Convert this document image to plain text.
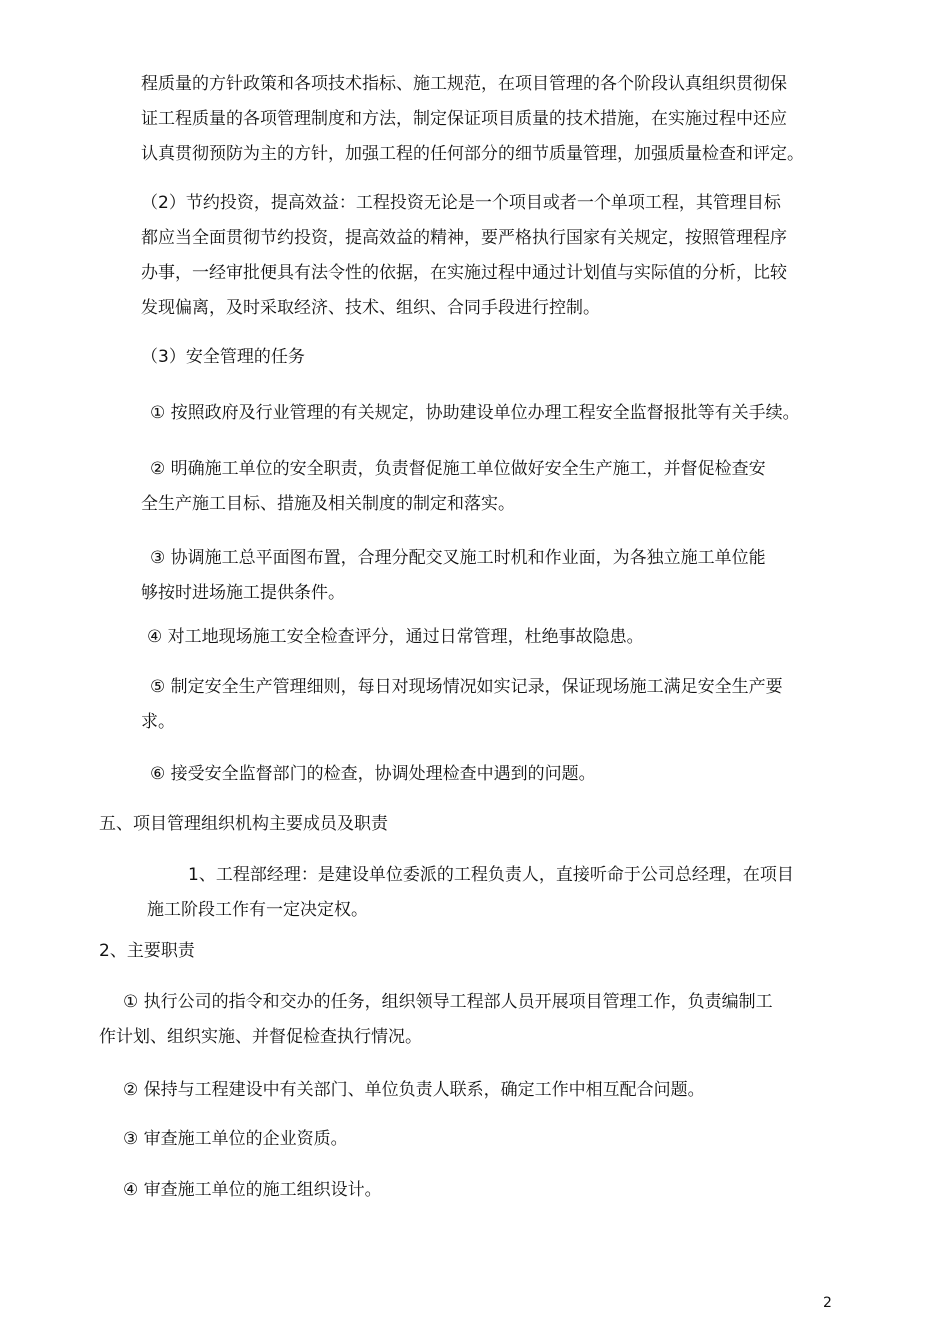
程质量的方针政策和各项技术指标、施工规范，在项目管理的各个阶段认真组织贯彻保
证工程质量的各项管理制度和方法，制定保证项目质量的技术措施，在实施过程中还应
认真贯彻预防为主的方针，加强工程的任何部分的细节质量管理，加强质量检查和评定。
（2）节约投资，提高效益：工程投资无论是一个项目或者一个单项工程，其管理目标
都应当全面贯彻节约投资，提高效益的精神，要严格执行国家有关规定，按照管理程序
办事，一经审批便具有法令性的依据，在实施过程中通过计划值与实际值的分析，比较
发现偏离，及时采取经济、技术、组织、合同手段进行控制。
（3）安全管理的任务
① 按照政府及行业管理的有关规定，协助建设单位办理工程安全监督报批等有关手续。
② 明确施工单位的安全职责，负责督促施工单位做好安全生产施工，并督促检查安
全生产施工目标、措施及相关制度的制定和落实。
③ 协调施工总平面图布置，合理分配交叉施工时机和作业面，为各独立施工单位能
够按时进场施工提供条件。
④ 对工地现场施工安全检查评分，通过日常管理，杜绝事故隐患。
⑤ 制定安全生产管理细则，每日对现场情况如实记录，保证现场施工满足安全生产要
求。
⑥ 接受安全监督部门的检查，协调处理检查中遇到的问题。
五、项目管理组织机构主要成员及职责
1、工程部经理：是建设单位委派的工程负责人，直接听命于公司总经理，在项目
施工阶段工作有一定决定权。
2、主要职责
① 执行公司的指令和交办的任务，组织领导工程部人员开展项目管理工作，负责编制工
作计划、组织实施、并督促检查执行情况。
② 保持与工程建设中有关部门、单位负责人联系，确定工作中相互配合问题。
③ 审查施工单位的企业资质。
④ 审查施工单位的施工组织设计。
2
